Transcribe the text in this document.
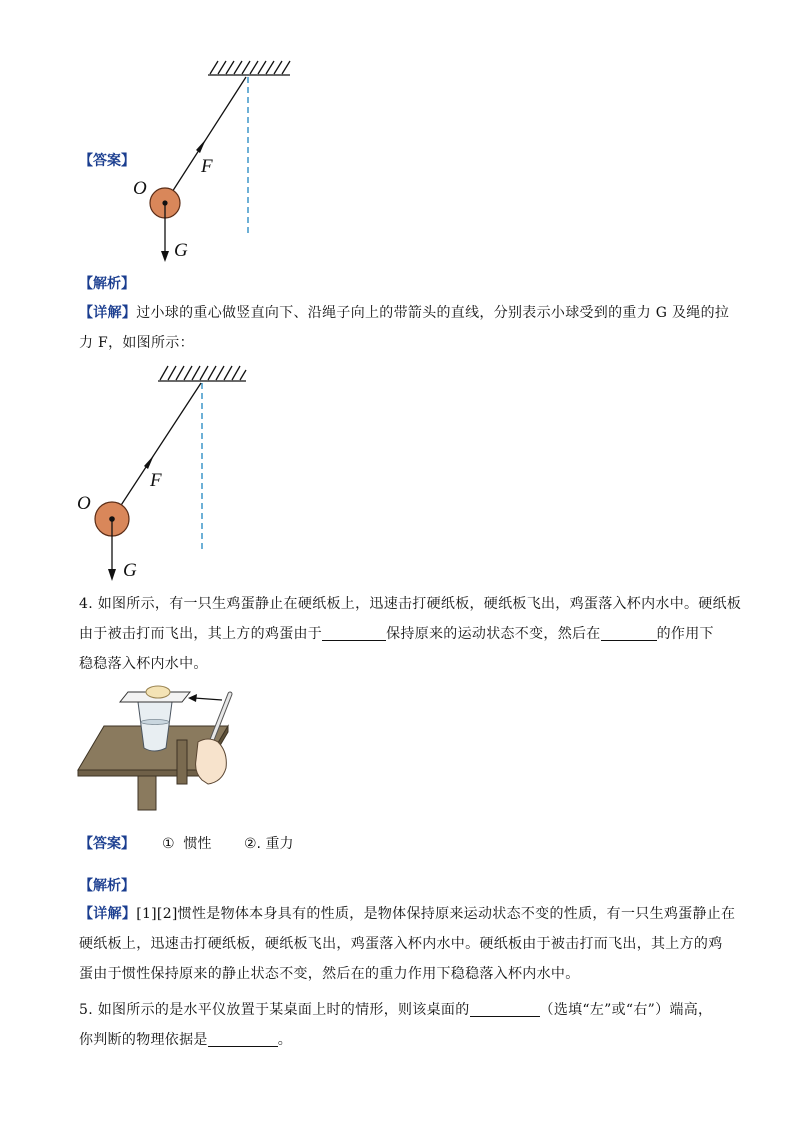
O
F
G
【答案】
【解析】
【详解】过小球的重心做竖直向下、沿绳子向上的带箭头的直线，分别表示小球受到的重力 G 及绳的拉
力 F，如图所示：
O
F
G
4. 如图所示，有一只生鸡蛋静止在硬纸板上，迅速击打硬纸板，硬纸板飞出，鸡蛋落入杯内水中。硬纸板
由于被击打而飞出，其上方的鸡蛋由于	保持原来的运动状态不变，然后在	的作用下
稳稳落入杯内水中。
【答案】 ① 惯性 ②. 重力
【解析】
【详解】[1][2]惯性是物体本身具有的性质，是物体保持原来运动状态不变的性质，有一只生鸡蛋静止在
硬纸板上，迅速击打硬纸板，硬纸板飞出，鸡蛋落入杯内水中。硬纸板由于被击打而飞出，其上方的鸡
蛋由于惯性保持原来的静止状态不变，然后在的重力作用下稳稳落入杯内水中。
5. 如图所示的是水平仪放置于某桌面上时的情形，则该桌面的	（选填“左”或“右”）端高，
你判断的物理依据是	。
